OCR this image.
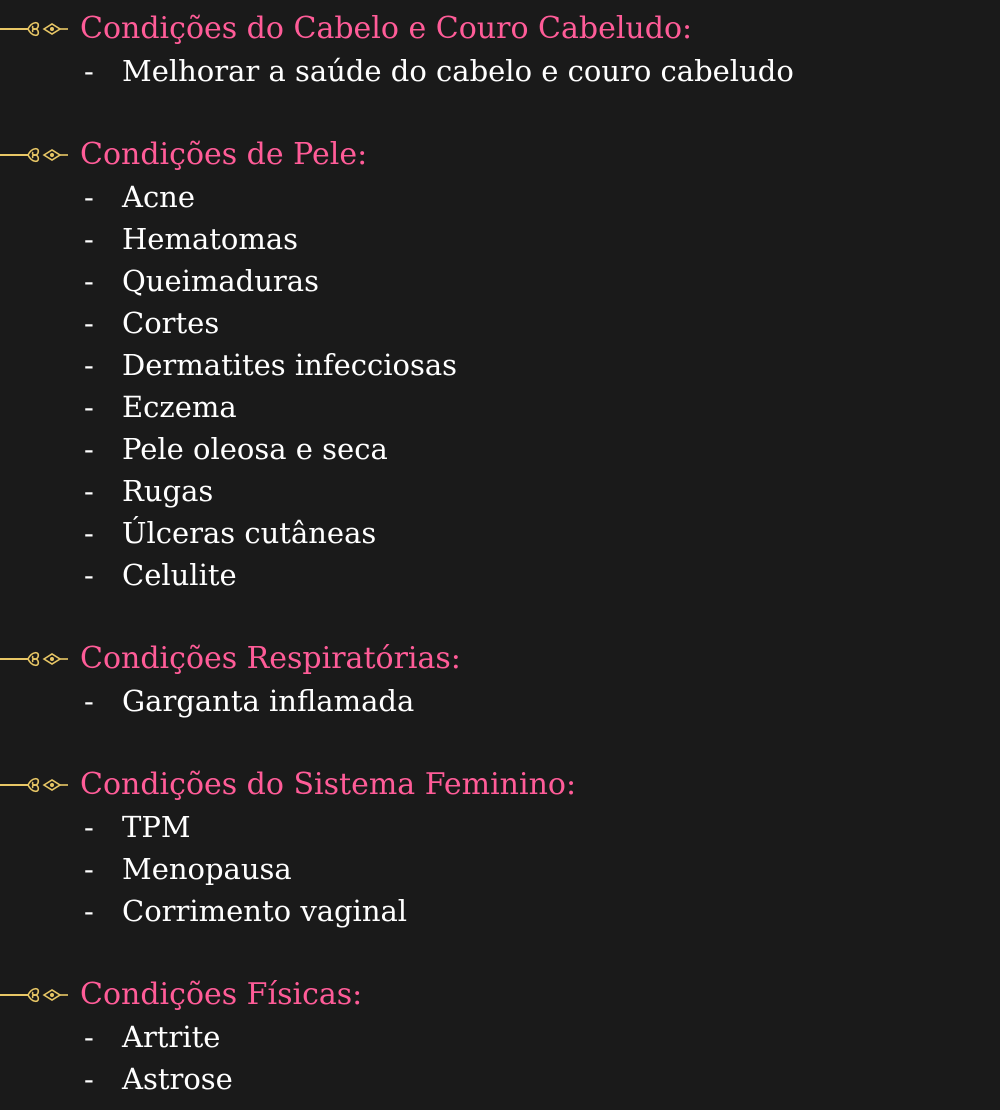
Condições do Cabelo e Couro Cabeludo:
- Melhorar a saúde do cabelo e couro cabeludo
Condições de Pele:
- Acne
- Hematomas
- Queimaduras
- Cortes
- Dermatites infecciosas
- Eczema
- Pele oleosa e seca
- Rugas
- Úlceras cutâneas
- Celulite
Condições Respiratórias:
- Garganta inflamada
Condições do Sistema Feminino:
- TPM
- Menopausa
- Corrimento vaginal
Condições Físicas:
- Artrite
- Astrose
